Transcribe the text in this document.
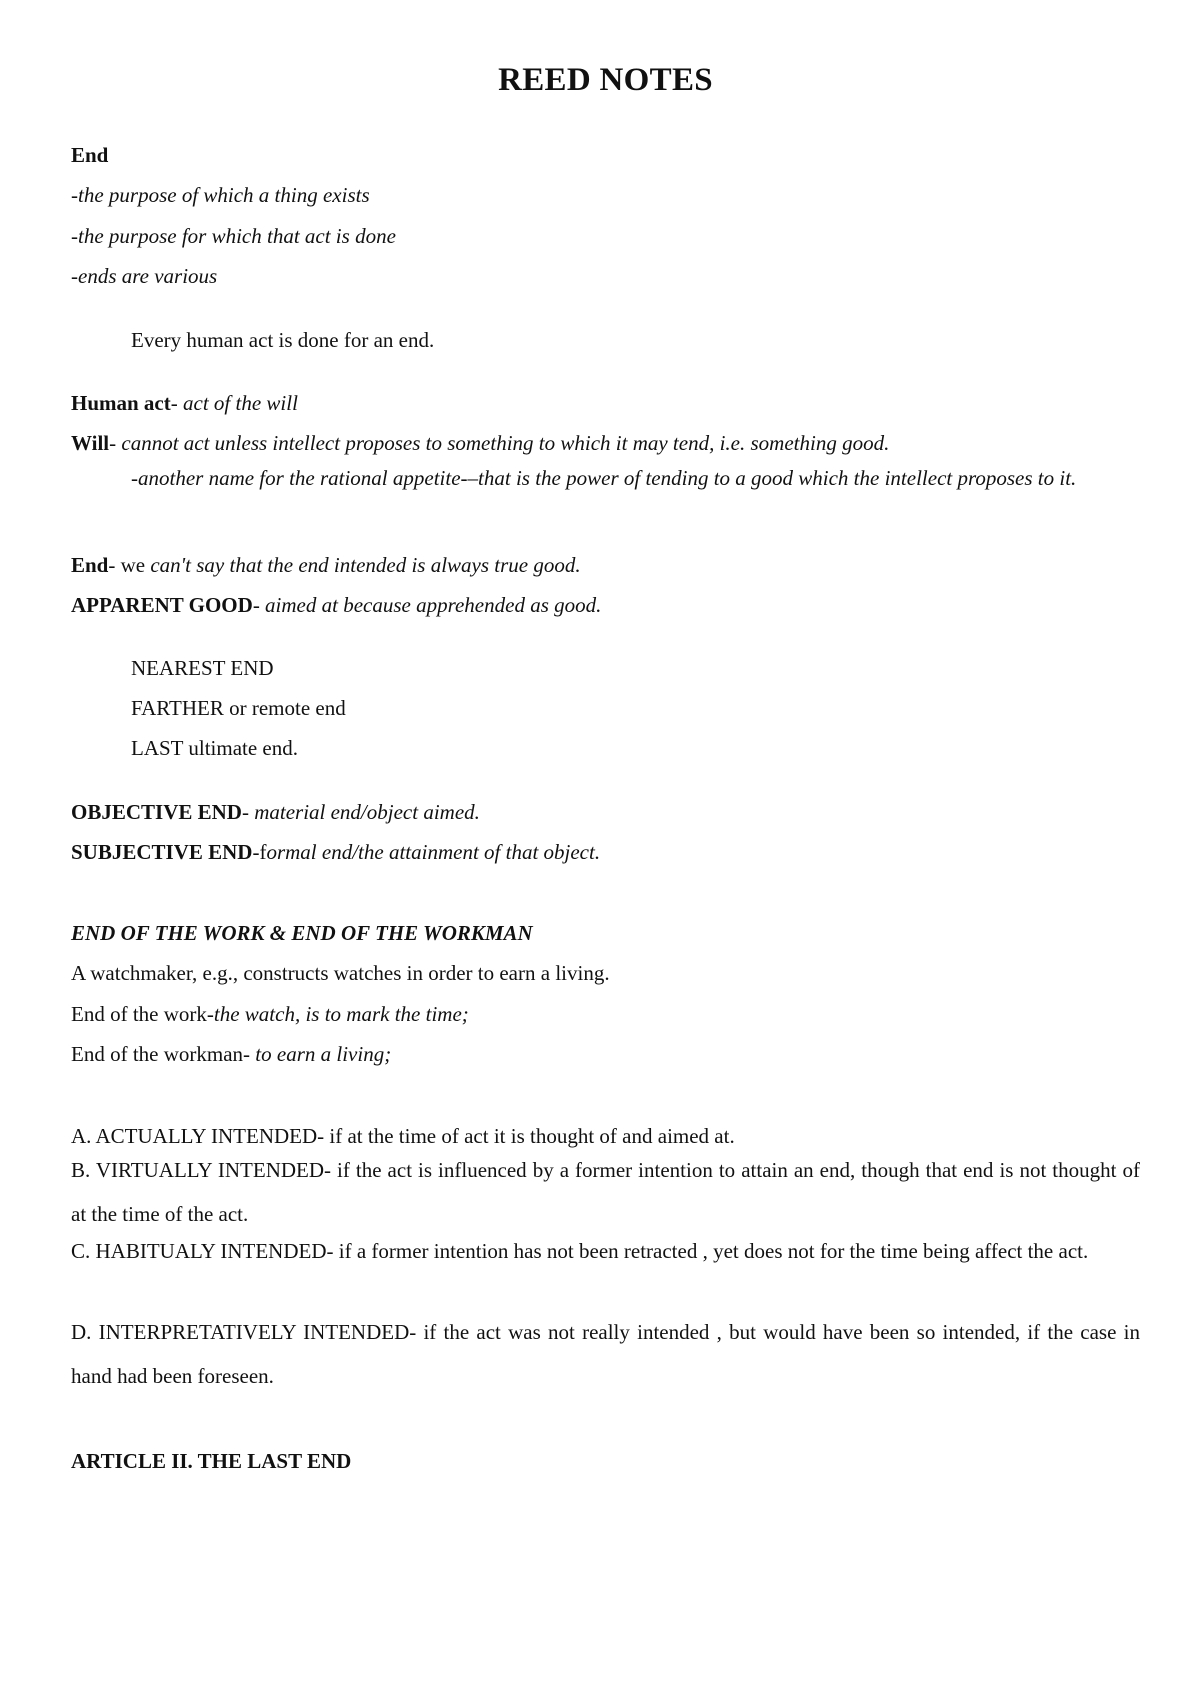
REED NOTES
End
-the purpose of which a thing exists
-the purpose for which that act is done
-ends are various
Every human act is done for an end.
Human act- act of the will
Will- cannot act unless intellect proposes to something to which it may tend, i.e. something good.
-another name for the rational appetite-–that is the power of tending to a good which the intellect proposes to it.
End- we can't say that the end intended is always true good.
APPARENT GOOD- aimed at because apprehended as good.
NEAREST END
FARTHER or remote end
LAST ultimate end.
OBJECTIVE END- material end/object aimed.
SUBJECTIVE END-formal end/the attainment of that object.
END OF THE WORK & END OF THE WORKMAN
A watchmaker, e.g., constructs watches in order to earn a living.
End of the work-the watch, is to mark the time;
End of the workman- to earn a living;
A. ACTUALLY INTENDED- if at the time of act it is thought of and aimed at.
B. VIRTUALLY INTENDED- if the act is influenced by a former intention to attain an end, though that end is not thought of at the time of the act.
C. HABITUALY INTENDED- if a former intention has not been retracted , yet does not for the time being affect the act.
D. INTERPRETATIVELY INTENDED- if the act was not really intended , but would have been so intended, if the case in hand had been foreseen.
ARTICLE II. THE LAST END
